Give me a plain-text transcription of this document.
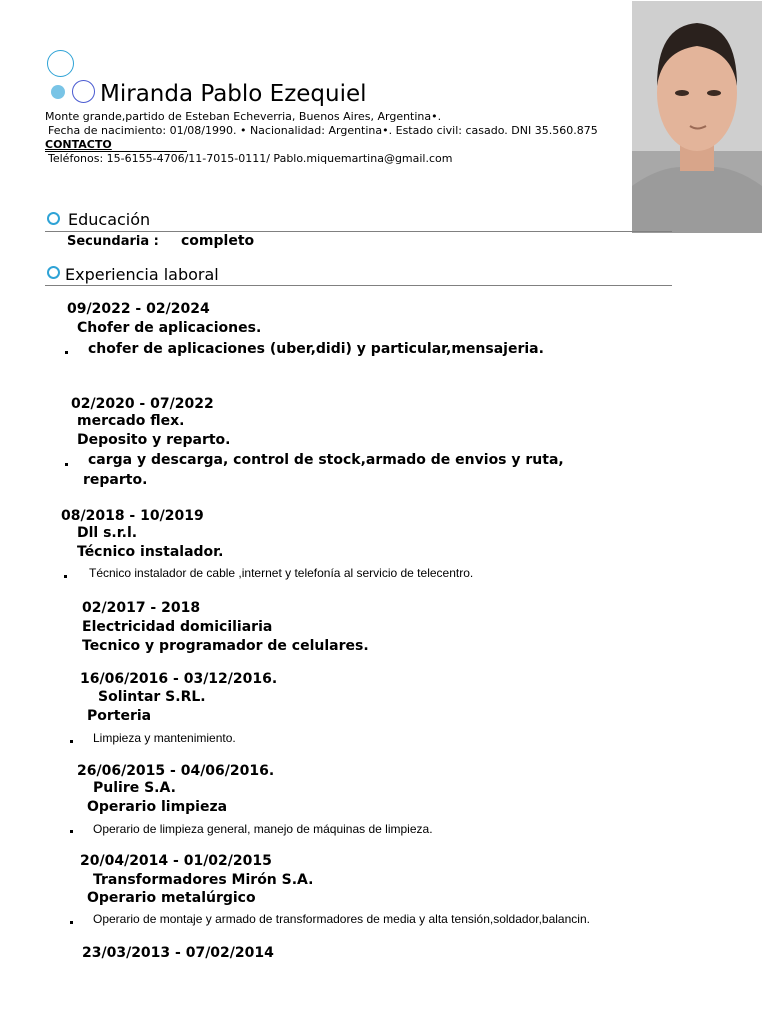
Miranda Pablo Ezequiel
Monte grande,partido de Esteban Echeverria, Buenos Aires, Argentina•.
Fecha de nacimiento: 01/08/1990. • Nacionalidad: Argentina•. Estado civil: casado. DNI 35.560.875
CONTACTO
Teléfonos: 15-6155-4706/11-7015-0111/ Pablo.miquemartina@gmail.com
Educación
Secundaria : completo
Experiencia laboral
09/2022 - 02/2024
Chofer de aplicaciones.
chofer de aplicaciones (uber,didi) y particular,mensajeria.
02/2020 - 07/2022
mercado flex.
Deposito y reparto.
carga y descarga, control de stock,armado de envios y ruta,
reparto.
08/2018 - 10/2019
Dll s.r.l.
Técnico instalador.
Técnico instalador de cable ,internet y telefonía al servicio de telecentro.
02/2017 - 2018
Electricidad domiciliaria
Tecnico y programador de celulares.
16/06/2016 - 03/12/2016.
Solintar S.RL.
Porteria
Limpieza y mantenimiento.
26/06/2015 - 04/06/2016.
Pulire S.A.
Operario limpieza
Operario de limpieza general, manejo de máquinas de limpieza.
20/04/2014 - 01/02/2015
Transformadores Mirón S.A.
Operario metalúrgico
Operario de montaje y armado de transformadores de media y alta tensión,soldador,balancin.
23/03/2013 - 07/02/2014
